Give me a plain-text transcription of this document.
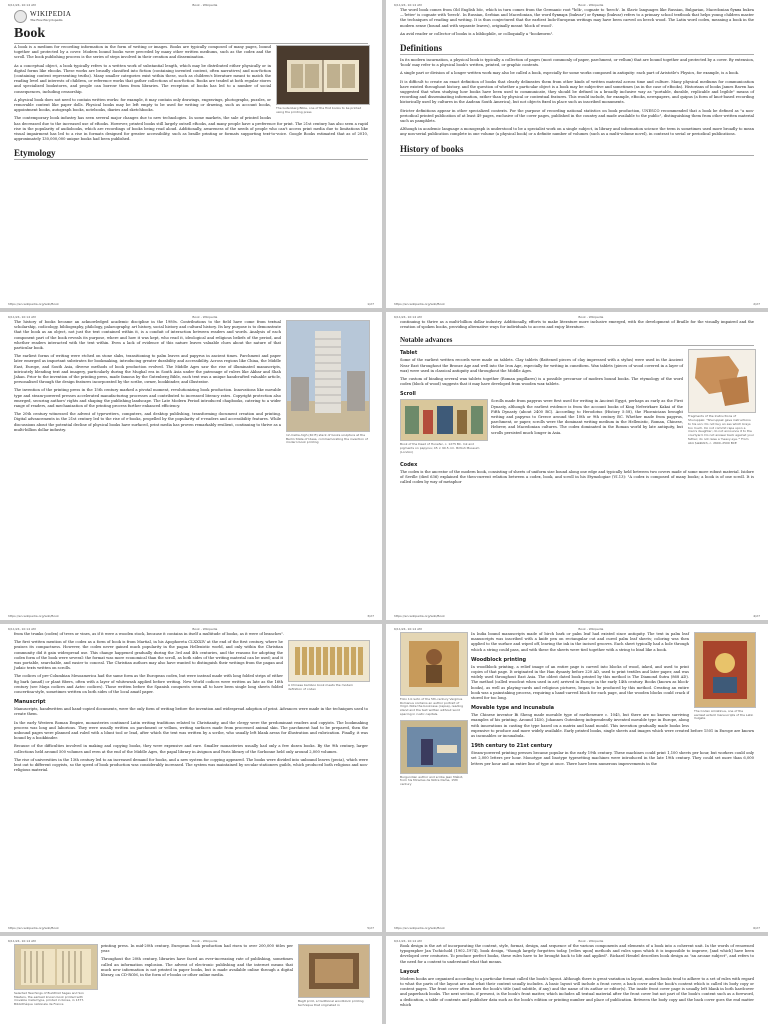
6/11/24, 10:14 AM	Book - Wikipedia
WIKIPEDIA
The Free Encyclopedia
Book
The Gutenberg Bible, one of the first books to be printed using the printing press

A book is a medium for recording information in the form of writing or images. Books are typically composed of many pages, bound together and protected by a cover. Modern bound books were preceded by many other written mediums, such as the codex and the scroll. The book publishing process is the series of steps involved in their creation and dissemination.

As a conceptual object, a book typically refers to a written work of substantial length, which may be distributed either physically or in digital forms like ebooks. These works are broadly classified into fiction (containing invented content, often narratives) and non-fiction (containing content representing truths). Many smaller categories exist within these, such as children's literature meant to match the reading level and interests of children, or reference works that gather collections of non-fiction. Books are traded at both regular stores and specialized bookstores, and people can borrow them from libraries. The reception of books has led to a number of social consequences, including censorship.

A physical book does not need to contain written works: for example, it may contain only drawings, engravings, photographs, puzzles, or removable content like paper dolls. Physical books may be left empty to be used for writing or drawing, such as account books, appointment books, autograph books, notebooks, diaries and sketchbooks.

The contemporary book industry has seen several major changes due to new technologies. In some markets, the sale of printed books has decreased due to the increased use of eBooks. However, printed books still largely outsell eBooks, and many people have a preference for print. The 21st century has also seen a rapid rise in the popularity of audiobooks, which are recordings of books being read aloud. Additionally, awareness of the needs of people who can't access print media due to limitations like visual impairment has led to a rise in formats designed for greater accessibility, such as braille printing or formats supporting text-to-voice. Google Books estimated that as of 2010, approximately 130,000,000 unique books had been published.

Etymology
https://en.wikipedia.org/wiki/Book	1/27
6/11/24, 10:14 AM	Book - Wikipedia

The word book comes from Old English bōc, which in turn comes from the Germanic root *bōk-, cognate to 'beech'. In Slavic languages like Russian, Bulgarian, Macedonian буква bukva—'letter' is cognate with 'beech'. In Russian, Serbian and Macedonian, the word букварь (bukvar') or буквар (bukvar) refers to a primary school textbook that helps young children master the techniques of reading and writing. It is thus conjectured that the earliest Indo-European writings may have been carved on beech wood. The Latin word codex, meaning a book in the modern sense (bound and with separate leaves), originally meant 'block of wood'.

An avid reader or collector of books is a bibliophile, or colloquially a "bookworm".

Definitions

In its modern incarnation, a physical book is typically a collection of pages (most commonly of paper, parchment, or vellum) that are bound together and protected by a cover. By extension, 'book' may refer to a physical book's written, printed, or graphic contents.

A single part or division of a longer written work may also be called a book, especially for some works composed in antiquity: each part of Aristotle's Physics, for example, is a book.

It is difficult to create an exact definition of books that clearly delineates them from other kinds of written material across time and culture. Many physical mediums for communication have existed throughout history, and the question of whether a particular object is a book may be subjective and sometimes (as in the case of eBooks). Historians of books James Raven has suggested that when studying how books have been used to communicate, they should be defined in a broadly inclusive way as "portable, durable, replicable and legible" means of recording and disseminating information, rather than by physical or contextual features. This would include, for example, eBooks, newspapers, and quipus (a form of knot-based recording historically used by cultures in the Andean South America), but not objects fixed in place such as inscribed monuments.

Stricter definitions appear in other specialized contexts. For the purpose of recording national statistics on book production, UNESCO recommended that a book be defined as "a non-periodical printed publication of at least 49 pages, exclusive of the cover pages, published in the country and made available to the public", distinguishing them from other written material such as pamphlets.

Although in academic language a monograph is understood to be a specialist work on a single subject, in library and information science the term is sometimes used more broadly to mean any non-serial publication complete in one volume (a physical book) or a definite number of volumes (such as a multi-volume novel), in contrast to serial or periodical publications.

History of books
https://en.wikipedia.org/wiki/Book	2/27
6/11/24, 10:14 AM	Book - Wikipedia
12-metre-high (40 ft) stack of books sculpture at the Berlin State of Ideas, commemorating the invention of modern book printing

The history of books became an acknowledged academic discipline in the 1980s. Contributions to the field have come from textual scholarship, codicology, bibliography, philology, palaeography, art history, social history and cultural history. Its key purpose is to demonstrate that the book as an object, not just the text contained within it, is a conduit of interaction between readers and words. Analysis of each component part of the book reveals its purpose, where and how it was kept, who read it, ideological and religious beliefs of the period, and whether readers interacted with the text within. Even a lack of evidence of this nature leaves valuable clues about the nature of that particular book.

The earliest forms of writing were etched on stone slabs, transitioning to palm leaves and papyrus in ancient times. Parchment and paper later emerged as important substrates for bookmaking, introducing greater durability and accessibility. Across regions like China, the Middle East, Europe, and South Asia, diverse methods of book production evolved. The Middle Ages saw the rise of illuminated manuscripts, intricately blending text and imagery, particularly during the Mughal era in South Asia under the patronage of rulers like Akbar and Shah Jahan. Prior to the invention of the printing press, made famous by the Gutenberg Bible, each text was a unique handcrafted valuable article, personalised through the design features incorporated by the scribe, owner, bookbinder, and illustrator.

The invention of the printing press in the 15th century marked a pivotal moment, revolutionizing book production. Innovations like movable type and steam-powered presses accelerated manufacturing processes and contributed to increased literacy rates. Copyright protection also emerged, securing authors' rights and shaping the publishing landscape. The Late Modern Period introduced chapbooks, catering to a wider range of readers, and mechanization of the printing process further enhanced efficiency.

The 20th century witnessed the advent of typewriters, computers, and desktop publishing, transforming document creation and printing. Digital advancements in the 21st century led to the rise of e-books, propelled by the popularity of e-readers and accessibility features. While discussions about the potential decline of physical books have surfaced, print media has proven remarkably resilient, continuing to thrive as a multi-billion dollar industry.

https://en.wikipedia.org/wiki/Book	3/27
6/11/24, 10:14 AM	Book - Wikipedia

continuing to thrive as a multi-billion dollar industry. Additionally, efforts to make literature more inclusive emerged, with the development of Braille for the visually impaired and the creation of spoken books, providing alternative ways for individuals to access and enjoy literature.

Notable advances
Fragments of the Instructions of Shuruppak: "Shuruppak gave instructions to his son: Do not buy an ass which brays too much. Do not commit rape upon a man's daughter; do not announce it to the courtyard. Do not answer back against your father; do not raise a 'heavy eye.'" From Abū Ṣalābīkh, c. 2600–2500 BCE
Tablet

Some of the earliest written records were made on tablets. Clay tablets (flattened pieces of clay impressed with a stylus) were used in the Ancient Near East throughout the Bronze Age and well into the Iron Age, especially for writing in cuneiform. Wax tablets (pieces of wood covered in a layer of wax) were used in classical antiquity and throughout the Middle Ages.

The custom of binding several wax tablets together (Roman pugillares) is a possible precursor of modern bound books. The etymology of the word codex (block of wood) suggests that it may have developed from wooden wax tablets.

Scroll
Book of the Dead of Hunefer, c. 1275 BC. Ink and pigments on papyrus; 45 × 90.5 cm. British Museum (London)

Scrolls made from papyrus were first used for writing in Ancient Egypt, perhaps as early as the First Dynasty, although the earliest evidence is from the account books of King Neferirkare Kakai of the Fifth Dynasty (about 2400 BC). According to Herodotus (History 5:58), the Phoenicians brought writing and papyrus to Greece around the 10th or 9th century BC. Whether made from papyrus, parchment, or paper, scrolls were the dominant writing medium in the Hellenistic, Roman, Chinese, Hebrew, and Macedonian cultures. The codex dominated in the Roman world by late antiquity, but scrolls persisted much longer in Asia.

Codex

The codex is the ancestor of the modern book, consisting of sheets of uniform size bound along one edge and typically held between two covers made of some more robust material. Isidore of Seville (died 636) explained the then-current relation between a codex, book, and scroll in his Etymologiae (VI.13): "A codex is composed of many books; a book is of one scroll. It is called codex by way of metaphor

https://en.wikipedia.org/wiki/Book	4/27
6/11/24, 10:14 AM	Book - Wikipedia

from the trunks (codex) of trees or vines, as if it were a wooden stock, because it contains in itself a multitude of books, as it were of branches".

A Chinese bamboo book meets the modern definition of codex

The first written mention of the codex as a form of book is from Martial, in his Apophoreta CLXXXIV at the end of the first century, where he praises its compactness. However, the codex never gained much popularity in the pagan Hellenistic world, and only within the Christian community did it gain widespread use. This change happened gradually during the 3rd and 4th centuries, and the reasons for adopting the codex form of the book were several: the format was more economical than the scroll, as both sides of the writing material can be used; and it was portable, searchable, and easier to conceal. The Christian authors may also have wanted to distinguish their writings from the pagan and Judaic texts written on scrolls.

The codices of pre-Columbian Mesoamerica had the same form as the European codex, but were instead made with long folded strips of either fig bark (amatl) or plant fibers, often with a layer of whitewash applied before writing. New World codices were written as late as the 16th century (see Maya codices and Aztec codices). Those written before the Spanish conquests seem all to have been single long sheets folded concertina-style, sometimes written on both sides of the local amatl paper.

Manuscript

Manuscripts, handwritten and hand-copied documents, were the only form of writing before the invention and widespread adoption of print. Advances were made in the techniques used to create them.

In the early Western Roman Empire, monasteries continued Latin writing traditions related to Christianity, and the clergy were the predominant readers and copyists. The bookmaking process was long and laborious. They were usually written on parchment or vellum, writing surfaces made from processed animal skin. The parchment had to be prepared, then the unbound pages were planned and ruled with a blunt tool or lead, after which the text was written by a scribe, who usually left blank areas for illustration and rubrication. Finally, it was bound by a bookbinder.

Because of the difficulties involved in making and copying books, they were expensive and rare. Smaller monasteries usually had only a few dozen books. By the 9th century, larger collections held around 500 volumes and even at the end of the Middle Ages, the papal library in Avignon and Paris library of the Sorbonne held only around 2,000 volumes.

The rise of universities in the 13th century led to an increased demand for books, and a new system for copying appeared. The books were divided into unbound leaves (pecia), which were lent out to different copyists, so the speed of book production was considerably increased. The system was maintained by secular stationers guilds, which produced both religious and non-religious material.

https://en.wikipedia.org/wiki/Book	5/27
6/11/24, 10:14 AM	Book - Wikipedia
Folio 14 recto of the 5th-century Vergilius Romanus contains an author portrait of Virgil. Note the bookcase (capsa), reading stand and the text written without word spacing in rustic capitals.
Burgundian author and scribe Jean Miélot, from his Miracles de Notre Dame, 15th century
The Codex Amiatinus, one of the earliest extant manuscripts of the Latin Vulgate

In India bound manuscripts made of birch bark or palm leaf had existed since antiquity. The text in palm leaf manuscripts was inscribed with a knife pen on rectangular cut and cured palm leaf sheets; coloring was then applied to the surface and wiped off, leaving the ink in the incised grooves. Each sheet typically had a hole through which a string could pass, and with these the sheets were tied together with a string to bind like a book.

Woodblock printing

In woodblock printing, a relief image of an entire page is carved into blocks of wood, inked, and used to print copies of that page. It originated in the Han dynasty before 220 AD, used to print textiles and later paper, and was widely used throughout East Asia. The oldest dated book printed by this method is The Diamond Sutra (868 AD). The method (called woodcut when used in art) arrived in Europe in the early 14th century. Books (known as block-books), as well as playing-cards and religious pictures, began to be produced by this method. Creating an entire book was a painstaking process, requiring a hand-carved block for each page, and the wooden blocks could crack if stored for too long.

Movable type and incunabula

The Chinese inventor Bi Sheng made movable type of earthenware c. 1045, but there are no known surviving examples of his printing. Around 1450, Johannes Gutenberg independently invented movable type in Europe, along with innovations in casting the type based on a matrix and hand mould. This invention gradually made books less expensive to produce and more widely available. Early printed books, single sheets and images which were created before 1501 in Europe are known as incunables or incunabula.

19th century to 21st century

Steam-powered printing presses became popular in the early 19th century. These machines could print 1,100 sheets per hour, but workers could only set 2,000 letters per hour. Monotype and linotype typesetting machines were introduced in the late 19th century. They could set more than 6,000 letters per hour and an entire line of type at once. There have been numerous improvements in the

https://en.wikipedia.org/wiki/Book	6/27
6/11/24, 10:14 AM	Book - Wikipedia
Selected Teachings of Buddhist Sages and Son Masters, the earliest known book printed with movable metal type, printed in Korea, in 1377. Bibliothèque nationale de France
Baglt print, a traditional woodblock printing technique that originated in

printing press. In mid-20th century, European book production had risen to over 200,000 titles per year.

Throughout the 20th century, libraries have faced an ever-increasing rate of publishing, sometimes called an information explosion. The advent of electronic publishing and the internet means that much new information is not printed in paper books, but is made available online through a digital library, on CD-ROM, in the form of e-books or other online media.

6/11/24, 10:14 AM	Book - Wikipedia

Book design is the art of incorporating the content, style, format, design, and sequence of the various components and elements of a book into a coherent unit. In the words of renowned typographer Jan Tschichold (1902–1974), book design, "though largely forgotten today, [relies upon] methods and rules upon which it is impossible to improve, [and which] have been developed over centuries. To produce perfect books, these rules have to be brought back to life and applied". Richard Hendel describes book design as "an arcane subject", and refers to the need for a context to understand what that means.

Layout

Modern books are organized according to a particular format called the book's layout. Although there is great variation in layout, modern books tend to adhere to a set of rules with regard to what the parts of the layout are and what their content usually includes. A basic layout will include a front cover, a back cover and the book's content which is called its body copy or content pages. The front cover often bears the book's title (and subtitle, if any) and the name of its author or editor(s). The inside front cover page is usually left blank in both hardcover and paperback books. The next section, if present, is the book's front matter, which includes all textual material after the front cover but not part of the book's content such as a foreword, a dedication, a table of contents and publisher data such as the book's edition or printing number and place of publication. Between the body copy and the back cover goes the end matter which
